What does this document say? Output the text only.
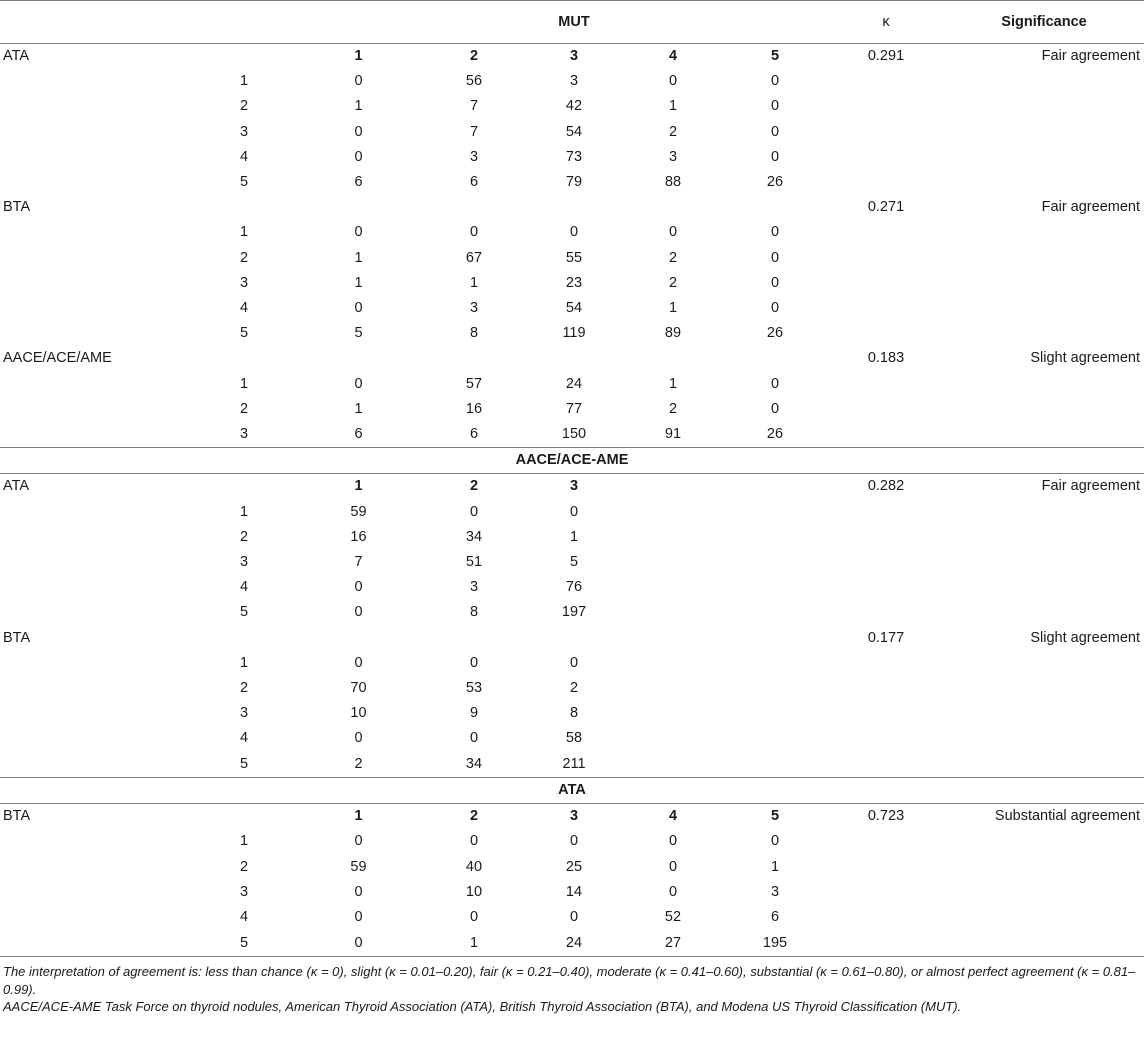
				MUT			κ	Significance
ATA		1	2	3	4	5	0.291	Fair agreement
	1	0	56	3	0	0		
	2	1	7	42	1	0		
	3	0	7	54	2	0		
	4	0	3	73	3	0		
	5	6	6	79	88	26		
BTA							0.271	Fair agreement
	1	0	0	0	0	0		
	2	1	67	55	2	0		
	3	1	1	23	2	0		
	4	0	3	54	1	0		
	5	5	8	119	89	26		
AACE/ACE/AME							0.183	Slight agreement
	1	0	57	24	1	0		
	2	1	16	77	2	0		
	3	6	6	150	91	26		
AACE/ACE-AME								
ATA		1	2	3			0.282	Fair agreement
	1	59	0	0				
	2	16	34	1				
	3	7	51	5				
	4	0	3	76				
	5	0	8	197				
BTA							0.177	Slight agreement
	1	0	0	0				
	2	70	53	2				
	3	10	9	8				
	4	0	0	58				
	5	2	34	211				
ATA								
BTA		1	2	3	4	5	0.723	Substantial agreement
	1	0	0	0	0	0		
	2	59	40	25	0	1		
	3	0	10	14	0	3		
	4	0	0	0	52	6		
	5	0	1	24	27	195		

The interpretation of agreement is: less than chance (κ = 0), slight (κ = 0.01–0.20), fair (κ = 0.21–0.40), moderate (κ = 0.41–0.60), substantial (κ = 0.61–0.80), or almost perfect agreement (κ = 0.81–0.99).

AACE/ACE-AME Task Force on thyroid nodules, American Thyroid Association (ATA), British Thyroid Association (BTA), and Modena US Thyroid Classification (MUT).
